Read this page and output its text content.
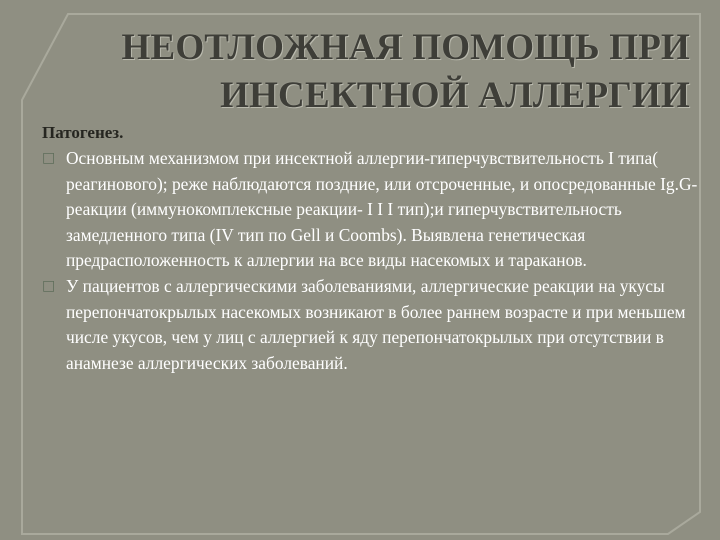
НЕОТЛОЖНАЯ ПОМОЩЬ ПРИ
ИНСЕКТНОЙ АЛЛЕРГИИ
Патогенез.
□ Основным механизмом при инсектной аллергии-гиперчувствительность I типа( реагинового); реже наблюдаются поздние, или отсроченные, и опосредованные Ig.G-реакции (иммунокомплексные реакции- I I I тип);и гиперчувствительность замедленного типа (IV тип по Gell и Coombs). Выявлена генетическая предрасположенность к аллергии на все виды насекомых и тараканов.
□ У пациентов с аллергическими заболеваниями, аллергические реакции на укусы перепончатокрылых насекомых возникают в более раннем возрасте и при меньшем числе укусов, чем у лиц с аллергией к яду перепончатокрылых при отсутствии в анамнезе аллергических заболеваний.
